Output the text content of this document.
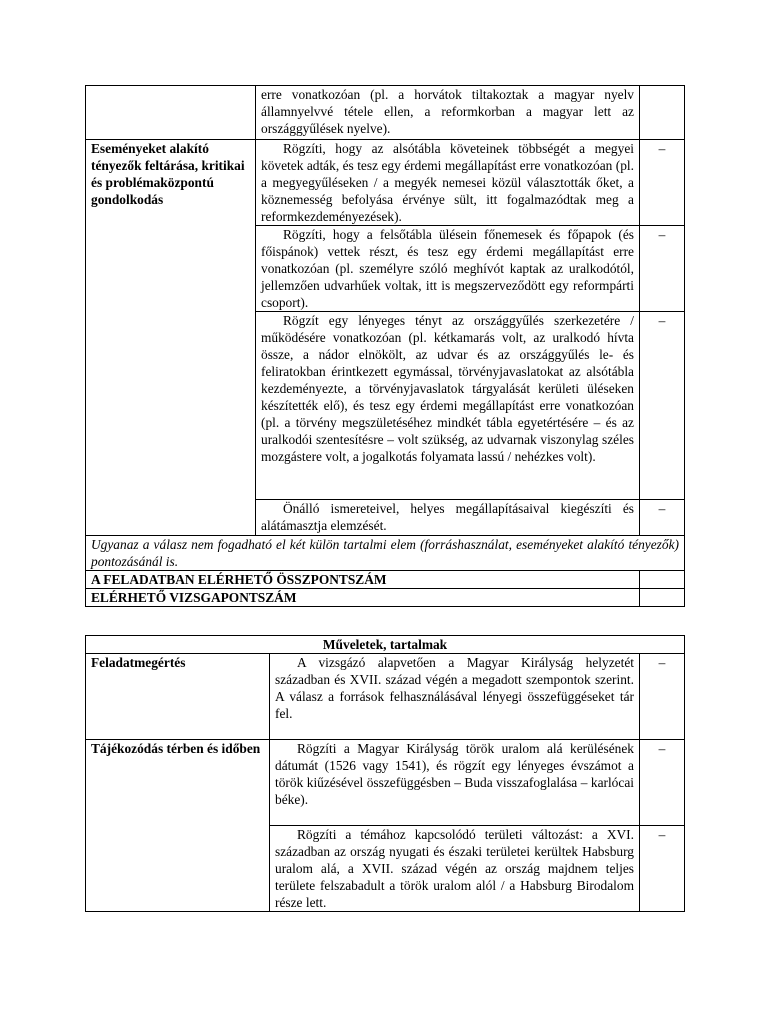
	erre vonatkozóan (pl. a horvátok tiltakoztak a magyar nyelv államnyelvvé tétele ellen, a reformkorban a magyar lett az országgyűlések nyelve).	

Eseményeket alakító tényezők feltárása, kritikai és problémaközpontú gondolkodás	Rögzíti, hogy az alsótábla követeinek többségét a megyei követek adták, és tesz egy érdemi megállapítást erre vonatkozóan (pl. a megyegyűléseken / a megyék nemesei közül választották őket, a köznemesség befolyása érvénye sült, itt fogalmazódtak meg a reformkezdeményezések).	–

	Rögzíti, hogy a felsőtábla ülésein főnemesek és főpapok (és főispánok) vettek részt, és tesz egy érdemi megállapítást erre vonatkozóan (pl. személyre szóló meghívót kaptak az uralkodótól, jellemzően udvarhűek voltak, itt is megszerveződött egy reformpárti csoport).	–

	Rögzít egy lényeges tényt az országgyűlés szerkezetére / működésére vonatkozóan (pl. kétkamarás volt, az uralkodó hívta össze, a nádor elnökölt, az udvar és az országgyűlés le- és feliratokban érintkezett egymással, törvényjavaslatokat az alsótábla kezdeményezte, a törvényjavaslatok tárgyalását kerületi üléseken készítették elő), és tesz egy érdemi megállapítást erre vonatkozóan (pl. a törvény megszületéséhez mindkét tábla egyetértésére – és az uralkodói szentesítésre – volt szükség, az udvarnak viszonylag széles mozgástere volt, a jogalkotás folyamata lassú / nehézkes volt).	–

	Önálló ismereteivel, helyes megállapításaival kiegészíti és alátámasztja elemzését.	–
Ugyanaz a válasz nem fogadható el két külön tartalmi elem (forráshasználat, eseményeket alakító tényezők) pontozásánál is.		
A FELADATBAN ELÉRHETŐ ÖSSZPONTSZÁM		
ELÉRHETŐ VIZSGAPONTSZÁM		
Műveletek, tartalmak		
Feladatmegértés	A vizsgázó alapvetően a Magyar Királyság helyzetét században és XVII. század végén a megadott szempontok szerint. A válasz a források felhasználásával lényegi összefüggéseket tár fel.	–
Tájékozódás térben és időben	Rögzíti a Magyar Királyság török uralom alá kerülésének dátumát (1526 vagy 1541), és rögzít egy lényeges évszámot a török kiűzésével összefüggésben – Buda visszafoglalása – karlócai béke).	–

	Rögzíti a témához kapcsolódó területi változást: a XVI. században az ország nyugati és északi területei kerültek Habsburg uralom alá, a XVII. század végén az ország majdnem teljes területe felszabadult a török uralom alól / a Habsburg Birodalom része lett.	–
